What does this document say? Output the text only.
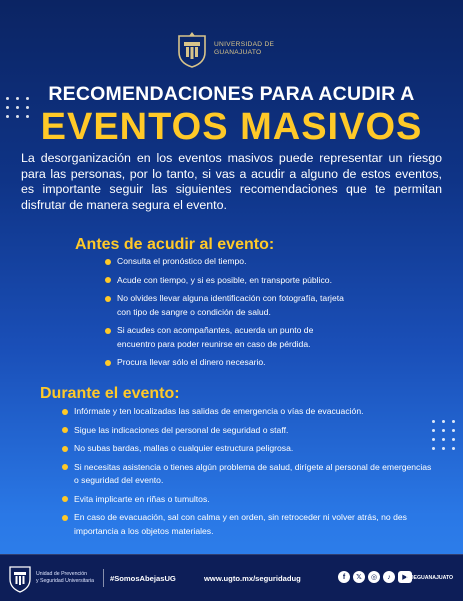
UNIVERSIDAD DE
GUANAJUATO
RECOMENDACIONES PARA ACUDIR A
EVENTOS MASIVOS
La desorganización en los eventos masivos puede representar un riesgo para las personas, por lo tanto, si vas a acudir a alguno de estos eventos, es importante seguir las siguientes recomendaciones que te permitan disfrutar de manera segura el evento.
Antes de acudir al evento:
Consulta el pronóstico del tiempo.
Acude con tiempo, y si es posible, en transporte público.
No olvides llevar alguna identificación con fotografía, tarjeta con tipo de sangre o condición de salud.
Si acudes con acompañantes, acuerda un punto de encuentro para poder reunirse en caso de pérdida.
Procura llevar sólo el dinero necesario.
Durante el evento:
Infórmate y ten localizadas las salidas de emergencia o vías de evacuación.
Sigue las indicaciones del personal de seguridad o staff.
No subas bardas, mallas o cualquier estructura peligrosa.
Si necesitas asistencia o tienes algún problema de salud, dirígete al personal de emergencias o seguridad del evento.
Evita implicarte en riñas o tumultos.
En caso de evacuación, sal con calma y en orden, sin retroceder ni volver atrás, no des importancia a los objetos materiales.
Unidad de Prevención
y Seguridad Universitaria	#SomosAbejasUG	www.ugto.mx/seguridadug	f	𝕏	◎	♪	▶
UDEGUANAJUATO
